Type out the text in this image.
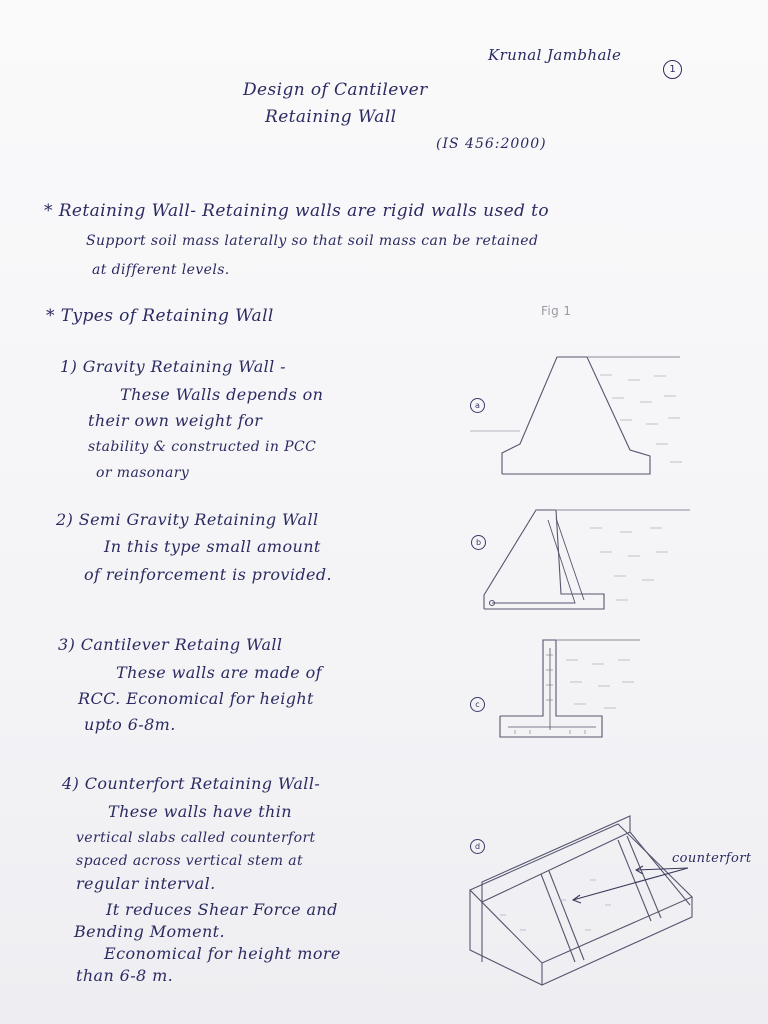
Krunal Jambhale
1
Design of Cantilever
Retaining Wall
(IS 456:2000)
* Retaining Wall- Retaining walls are rigid walls used to
Support soil mass laterally so that soil mass can be retained
at different levels.
* Types of Retaining Wall	Fig 1
1) Gravity Retaining Wall -
These Walls depends on
their own weight for
stability & constructed in PCC
or masonary
2) Semi Gravity Retaining Wall
In this type small amount
of reinforcement is provided.
3) Cantilever Retaing Wall
These walls are made of
RCC. Economical for height
upto 6-8m.
4) Counterfort Retaining Wall-
These walls have thin
vertical slabs called counterfort
spaced across vertical stem at
regular interval.
It reduces Shear Force and
Bending Moment.
Economical for height more
than 6-8 m.
a
b
c
d
counterfort
